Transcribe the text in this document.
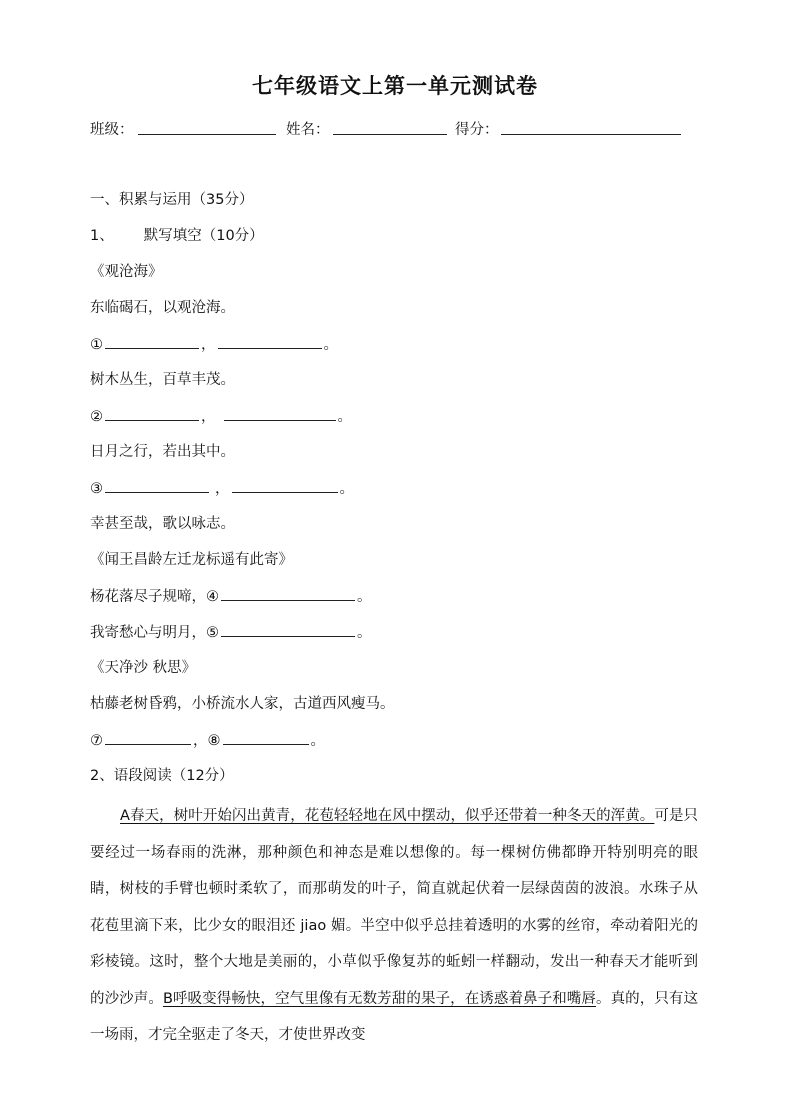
七年级语文上第一单元测试卷
班级：	姓名：	得分：
一、积累与运用（35分）
1、 默写填空（10分）
《观沧海》
东临碣石，以观沧海。
①	，	。
树木丛生，百草丰茂。
②	，	。
日月之行，若出其中。
③	，	。
幸甚至哉，歌以咏志。
《闻王昌龄左迁龙标遥有此寄》
杨花落尽子规啼，④	。
我寄愁心与明月，⑤	。
《天净沙 秋思》
枯藤老树昏鸦，小桥流水人家，古道西风瘦马。
⑦	，⑧	。
2、语段阅读（12分）
A春天，树叶开始闪出黄青，花苞轻轻地在风中摆动，似乎还带着一种冬天的浑黄。可是只要经过一场春雨的洗淋，那种颜色和神态是难以想像的。每一棵树仿佛都睁开特别明亮的眼睛，树枝的手臂也顿时柔软了，而那萌发的叶子，简直就起伏着一层绿茵茵的波浪。水珠子从花苞里滴下来，比少女的眼泪还 jiao 媚。半空中似乎总挂着透明的水雾的丝帘，牵动着阳光的彩棱镜。这时，整个大地是美丽的，小草似乎像复苏的蚯蚓一样翻动，发出一种春天才能听到的沙沙声。B呼吸变得畅快，空气里像有无数芳甜的果子，在诱惑着鼻子和嘴唇。真的，只有这一场雨，才完全驱走了冬天，才使世界改变
